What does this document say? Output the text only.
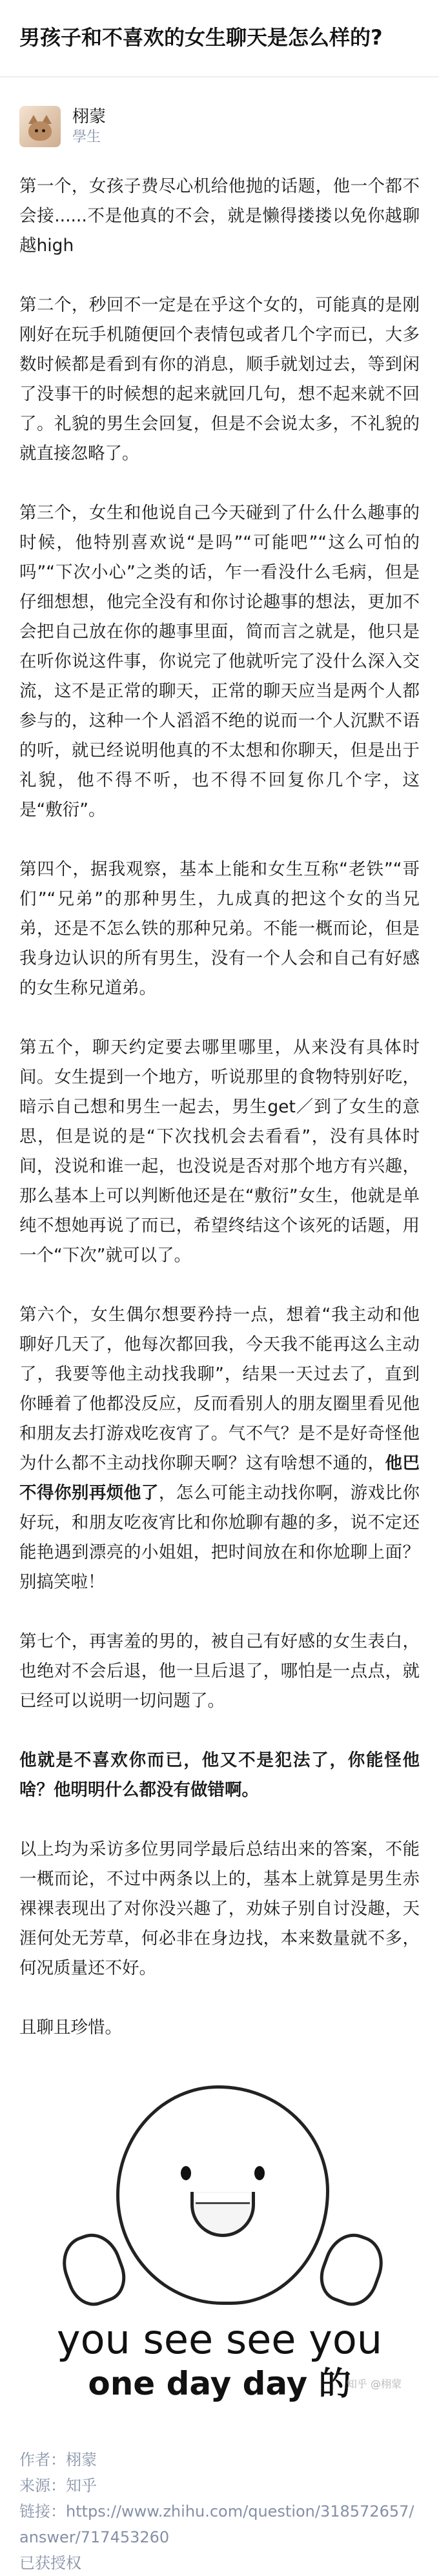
男孩子和不喜欢的女生聊天是怎么样的?
栩蒙
學生

第一个，女孩子费尽心机给他抛的话题，他一个都不会接......不是他真的不会，就是懒得搂搂以免你越聊越high

第二个，秒回不一定是在乎这个女的，可能真的是刚刚好在玩手机随便回个表情包或者几个字而已，大多数时候都是看到有你的消息，顺手就划过去，等到闲了没事干的时候想的起来就回几句，想不起来就不回了。礼貌的男生会回复，但是不会说太多，不礼貌的就直接忽略了。

第三个，女生和他说自己今天碰到了什么什么趣事的时候，他特别喜欢说“是吗”“可能吧”“这么可怕的吗”“下次小心”之类的话，乍一看没什么毛病，但是仔细想想，他完全没有和你讨论趣事的想法，更加不会把自己放在你的趣事里面，简而言之就是，他只是在听你说这件事，你说完了他就听完了没什么深入交流，这不是正常的聊天，正常的聊天应当是两个人都参与的，这种一个人滔滔不绝的说而一个人沉默不语的听，就已经说明他真的不太想和你聊天，但是出于礼貌，他不得不听，也不得不回复你几个字，这是“敷衍”。

第四个，据我观察，基本上能和女生互称“老铁”“哥们”“兄弟”的那种男生，九成真的把这个女的当兄弟，还是不怎么铁的那种兄弟。不能一概而论，但是我身边认识的所有男生，没有一个人会和自己有好感的女生称兄道弟。

第五个，聊天约定要去哪里哪里，从来没有具体时间。女生提到一个地方，听说那里的食物特别好吃，暗示自己想和男生一起去，男生get／到了女生的意思，但是说的是“下次找机会去看看”，没有具体时间，没说和谁一起，也没说是否对那个地方有兴趣，那么基本上可以判断他还是在“敷衍”女生，他就是单纯不想她再说了而已，希望终结这个该死的话题，用一个“下次”就可以了。

第六个，女生偶尔想要矜持一点，想着“我主动和他聊好几天了，他每次都回我，今天我不能再这么主动了，我要等他主动找我聊”，结果一天过去了，直到你睡着了他都没反应，反而看别人的朋友圈里看见他和朋友去打游戏吃夜宵了。气不气？是不是好奇怪他为什么都不主动找你聊天啊？这有啥想不通的，他巴不得你别再烦他了，怎么可能主动找你啊，游戏比你好玩，和朋友吃夜宵比和你尬聊有趣的多，说不定还能艳遇到漂亮的小姐姐，把时间放在和你尬聊上面？别搞笑啦！

第七个，再害羞的男的，被自己有好感的女生表白，也绝对不会后退，他一旦后退了，哪怕是一点点，就已经可以说明一切问题了。

他就是不喜欢你而已，他又不是犯法了，你能怪他啥？他明明什么都没有做错啊。

以上均为采访多位男同学最后总结出来的答案，不能一概而论，不过中两条以上的，基本上就算是男生赤裸裸表现出了对你没兴趣了，劝妹子别自讨没趣，天涯何处无芳草，何必非在身边找，本来数量就不多，何况质量还不好。

且聊且珍惜。

you see see you
one day day 的
知乎 @栩蒙
作者：栩蒙
来源：知乎
链接：https://www.zhihu.com/question/318572657/answer/717453260
已获授权
